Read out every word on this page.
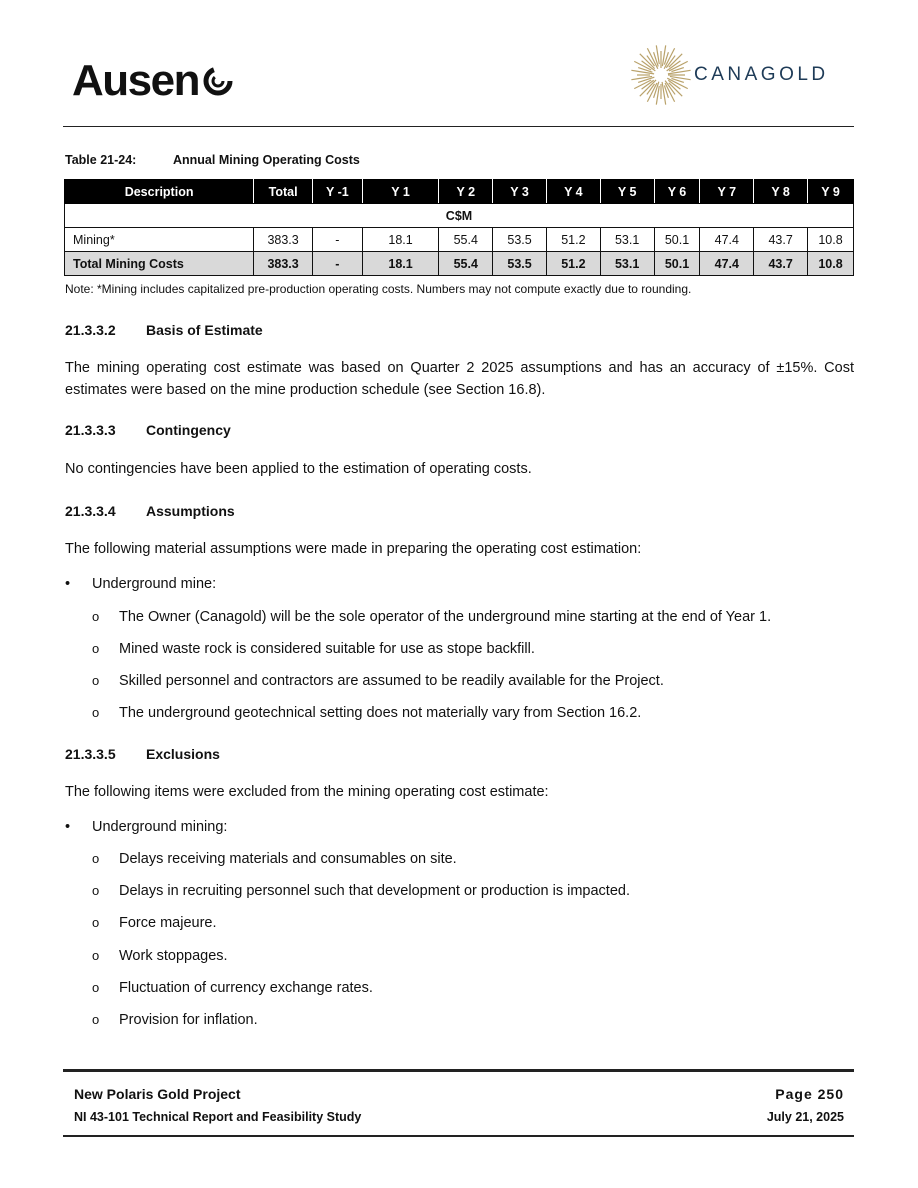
Ausen	CANAGOLD
Table 21-24:	Annual Mining Operating Costs
Description	Total	Y -1	Y 1	Y 2	Y 3	Y 4	Y 5	Y 6	Y 7	Y 8	Y 9
C$M											
Mining*	383.3	-	18.1	55.4	53.5	51.2	53.1	50.1	47.4	43.7	10.8
Total Mining Costs	383.3	-	18.1	55.4	53.5	51.2	53.1	50.1	47.4	43.7	10.8
Note: *Mining includes capitalized pre-production operating costs. Numbers may not compute exactly due to rounding.
21.3.3.2 Basis of Estimate
The mining operating cost estimate was based on Quarter 2 2025 assumptions and has an accuracy of ±15%. Cost estimates were based on the mine production schedule (see Section 16.8).
21.3.3.3 Contingency
No contingencies have been applied to the estimation of operating costs.
21.3.3.4 Assumptions
The following material assumptions were made in preparing the operating cost estimation:
• Underground mine:
o The Owner (Canagold) will be the sole operator of the underground mine starting at the end of Year 1.
o Mined waste rock is considered suitable for use as stope backfill.
o Skilled personnel and contractors are assumed to be readily available for the Project.
o The underground geotechnical setting does not materially vary from Section 16.2.
21.3.3.5 Exclusions
The following items were excluded from the mining operating cost estimate:
• Underground mining:
o Delays receiving materials and consumables on site.
o Delays in recruiting personnel such that development or production is impacted.
o Force majeure.
o Work stoppages.
o Fluctuation of currency exchange rates.
o Provision for inflation.
New Polaris Gold Project
NI 43-101 Technical Report and Feasibility Study
Page 250
July 21, 2025
